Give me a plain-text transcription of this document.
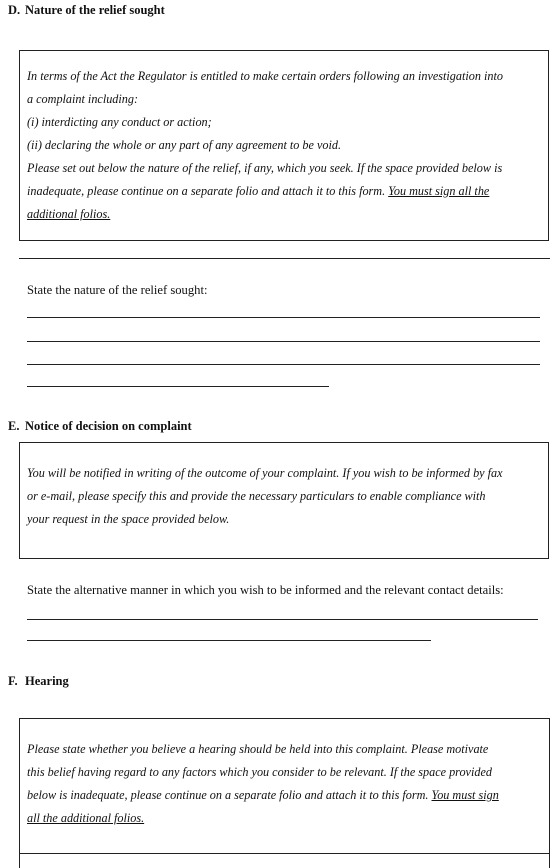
D. Nature of the relief sought

In terms of the Act the Regulator is entitled to make certain orders following an investigation into

a complaint including:

(i) interdicting any conduct or action;

(ii) declaring the whole or any part of any agreement to be void.

Please set out below the nature of the relief, if any, which you seek. If the space provided below is

inadequate, please continue on a separate folio and attach it to this form. You must sign all the

additional folios.

State the nature of the relief sought:
E. Notice of decision on complaint

You will be notified in writing of the outcome of your complaint. If you wish to be informed by fax

or e-mail, please specify this and provide the necessary particulars to enable compliance with

your request in the space provided below.

State the alternative manner in which you wish to be informed and the relevant contact details:
F. Hearing

Please state whether you believe a hearing should be held into this complaint. Please motivate

this belief having regard to any factors which you consider to be relevant. If the space provided

below is inadequate, please continue on a separate folio and attach it to this form. You must sign

all the additional folios.
